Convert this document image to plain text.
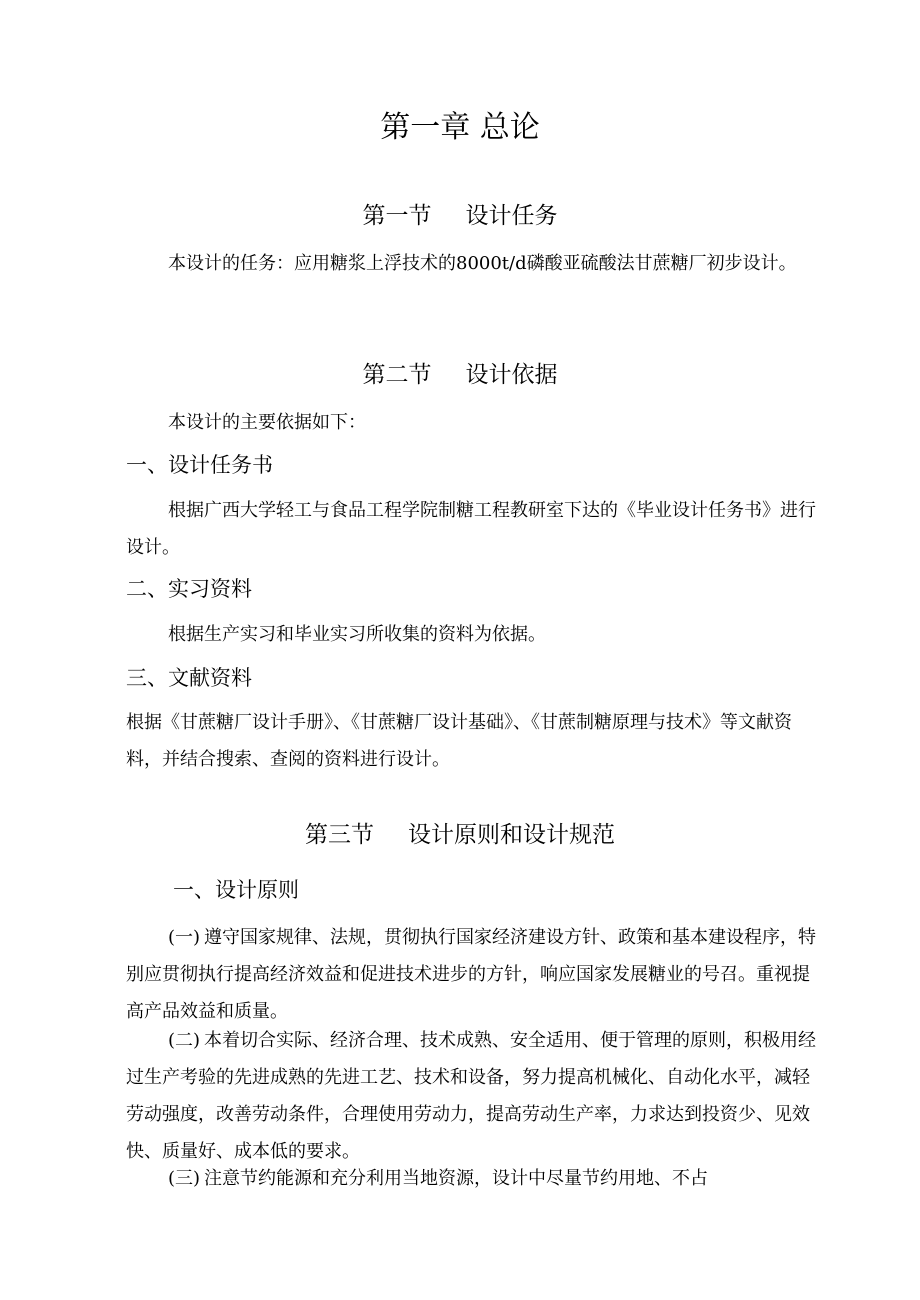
第一章 总论
第一节 设计任务

本设计的任务：应用糖浆上浮技术的8000t/d磷酸亚硫酸法甘蔗糖厂初步设计。

第二节 设计依据

本设计的主要依据如下：

一、设计任务书

根据广西大学轻工与食品工程学院制糖工程教研室下达的《毕业设计任务书》进行设计。

二、实习资料

根据生产实习和毕业实习所收集的资料为依据。

三、文献资料

根据《甘蔗糖厂设计手册》、《甘蔗糖厂设计基础》、《甘蔗制糖原理与技术》等文献资料，并结合搜索、查阅的资料进行设计。

第三节 设计原则和设计规范
一、设计原则

(一) 遵守国家规律、法规，贯彻执行国家经济建设方针、政策和基本建设程序，特别应贯彻执行提高经济效益和促进技术进步的方针，响应国家发展糖业的号召。重视提高产品效益和质量。

(二) 本着切合实际、经济合理、技术成熟、安全适用、便于管理的原则，积极用经过生产考验的先进成熟的先进工艺、技术和设备，努力提高机械化、自动化水平，减轻劳动强度，改善劳动条件，合理使用劳动力，提高劳动生产率，力求达到投资少、见效快、质量好、成本低的要求。

(三) 注意节约能源和充分利用当地资源，设计中尽量节约用地、不占
